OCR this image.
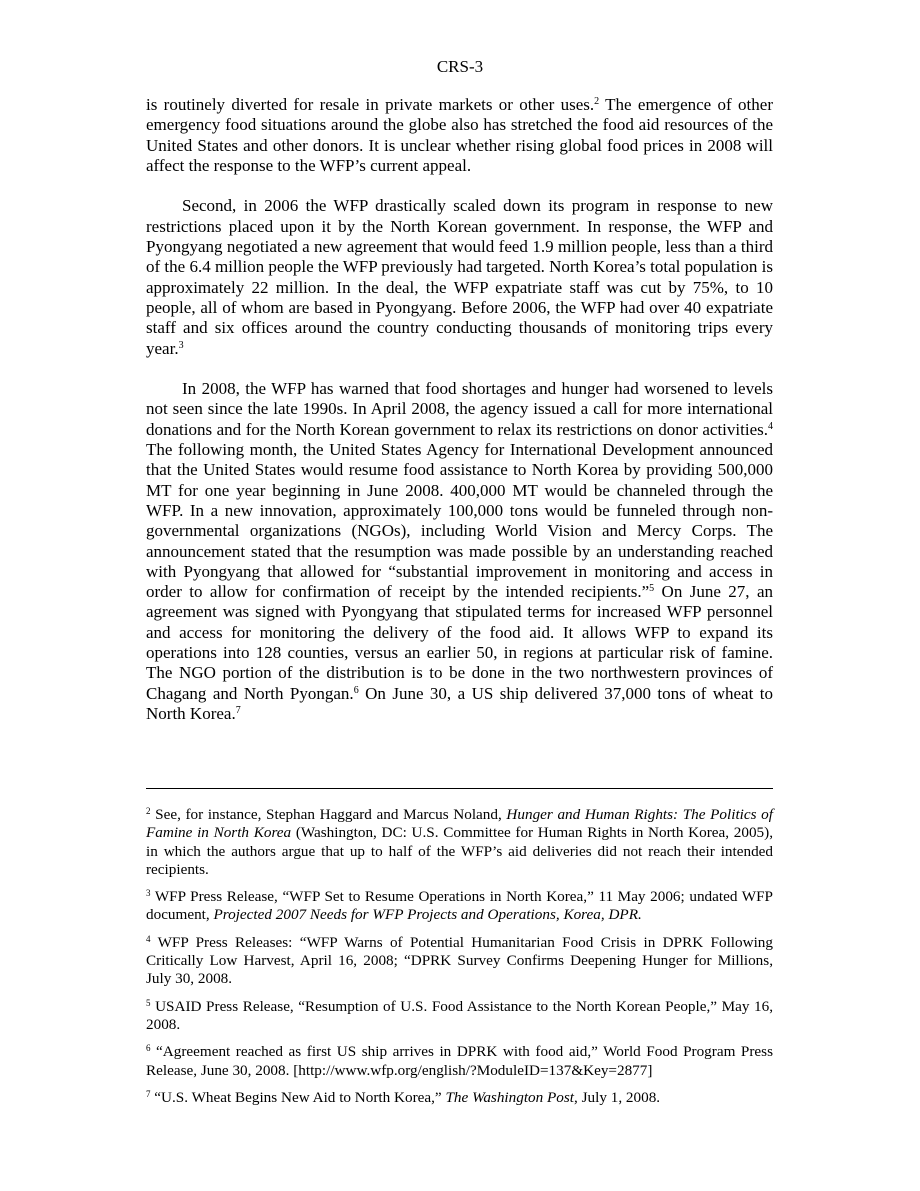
CRS-3

is routinely diverted for resale in private markets or other uses.$^2$ The emergence of other emergency food situations around the globe also has stretched the food aid resources of the United States and other donors. It is unclear whether rising global food prices in 2008 will affect the response to the WFP’s current appeal.

Second, in 2006 the WFP drastically scaled down its program in response to new restrictions placed upon it by the North Korean government. In response, the WFP and Pyongyang negotiated a new agreement that would feed 1.9 million people, less than a third of the 6.4 million people the WFP previously had targeted. North Korea’s total population is approximately 22 million. In the deal, the WFP expatriate staff was cut by 75%, to 10 people, all of whom are based in Pyongyang. Before 2006, the WFP had over 40 expatriate staff and six offices around the country conducting thousands of monitoring trips every year.$^3$

In 2008, the WFP has warned that food shortages and hunger had worsened to levels not seen since the late 1990s. In April 2008, the agency issued a call for more international donations and for the North Korean government to relax its restrictions on donor activities.$^4$ The following month, the United States Agency for International Development announced that the United States would resume food assistance to North Korea by providing 500,000 MT for one year beginning in June 2008. 400,000 MT would be channeled through the WFP. In a new innovation, approximately 100,000 tons would be funneled through non-governmental organizations (NGOs), including World Vision and Mercy Corps. The announcement stated that the resumption was made possible by an understanding reached with Pyongyang that allowed for “substantial improvement in monitoring and access in order to allow for confirmation of receipt by the intended recipients.”$^5$ On June 27, an agreement was signed with Pyongyang that stipulated terms for increased WFP personnel and access for monitoring the delivery of the food aid. It allows WFP to expand its operations into 128 counties, versus an earlier 50, in regions at particular risk of famine. The NGO portion of the distribution is to be done in the two northwestern provinces of Chagang and North Pyongan.$^6$ On June 30, a US ship delivered 37,000 tons of wheat to North Korea.$^7$

$^2$ See, for instance, Stephan Haggard and Marcus Noland, Hunger and Human Rights: The Politics of Famine in North Korea (Washington, DC: U.S. Committee for Human Rights in North Korea, 2005), in which the authors argue that up to half of the WFP’s aid deliveries did not reach their intended recipients.

$^3$ WFP Press Release, “WFP Set to Resume Operations in North Korea,” 11 May 2006; undated WFP document, Projected 2007 Needs for WFP Projects and Operations, Korea, DPR.

$^4$ WFP Press Releases: “WFP Warns of Potential Humanitarian Food Crisis in DPRK Following Critically Low Harvest, April 16, 2008; “DPRK Survey Confirms Deepening Hunger for Millions, July 30, 2008.

$^5$ USAID Press Release, “Resumption of U.S. Food Assistance to the North Korean People,” May 16, 2008.

$^6$ “Agreement reached as first US ship arrives in DPRK with food aid,” World Food Program Press Release, June 30, 2008. [http://www.wfp.org/english/?ModuleID=137&Key=2877]

$^7$ “U.S. Wheat Begins New Aid to North Korea,” The Washington Post, July 1, 2008.
